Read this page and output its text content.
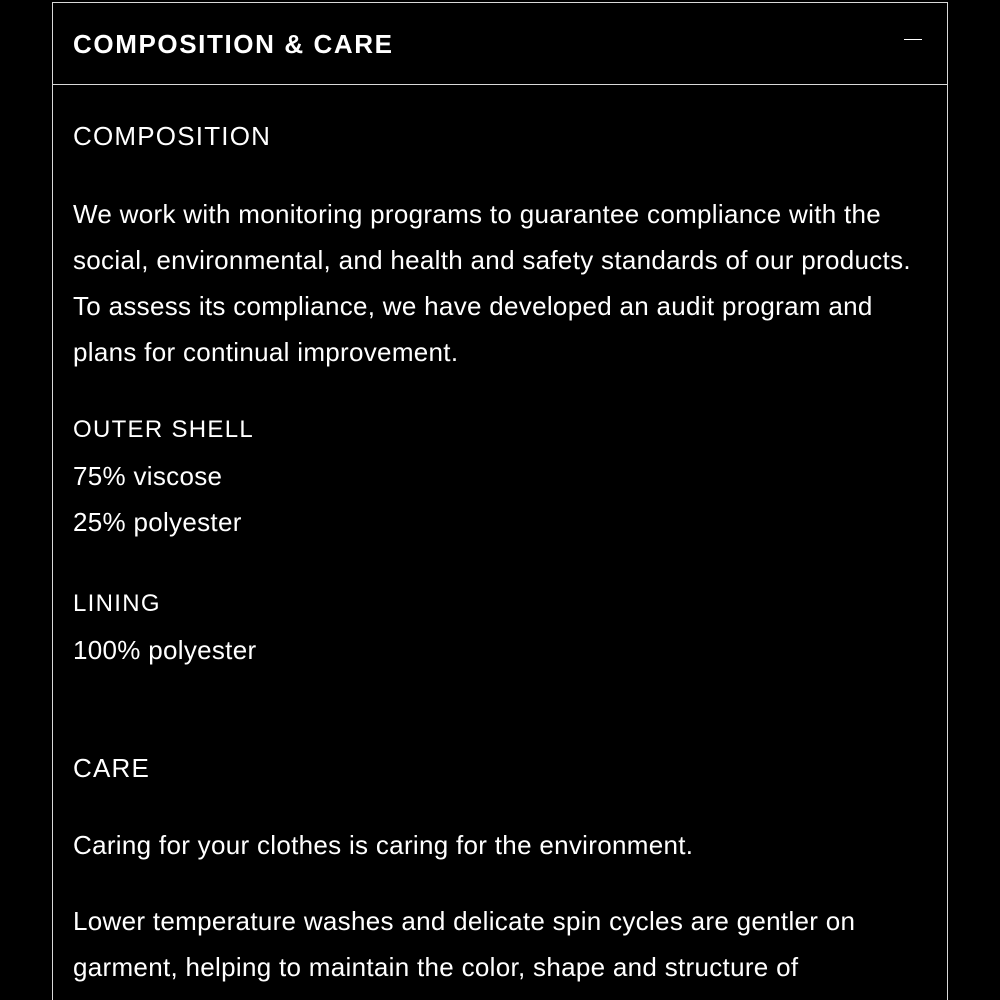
COMPOSITION & CARE
COMPOSITION

We work with monitoring programs to guarantee compliance with the social, environmental, and health and safety standards of our products. To assess its compliance, we have developed an audit program and plans for continual improvement.

OUTER SHELL

75% viscose

25% polyester

LINING

100% polyester

CARE

Caring for your clothes is caring for the environment.

Lower temperature washes and delicate spin cycles are gentler on garment, helping to maintain the color, shape and structure of
